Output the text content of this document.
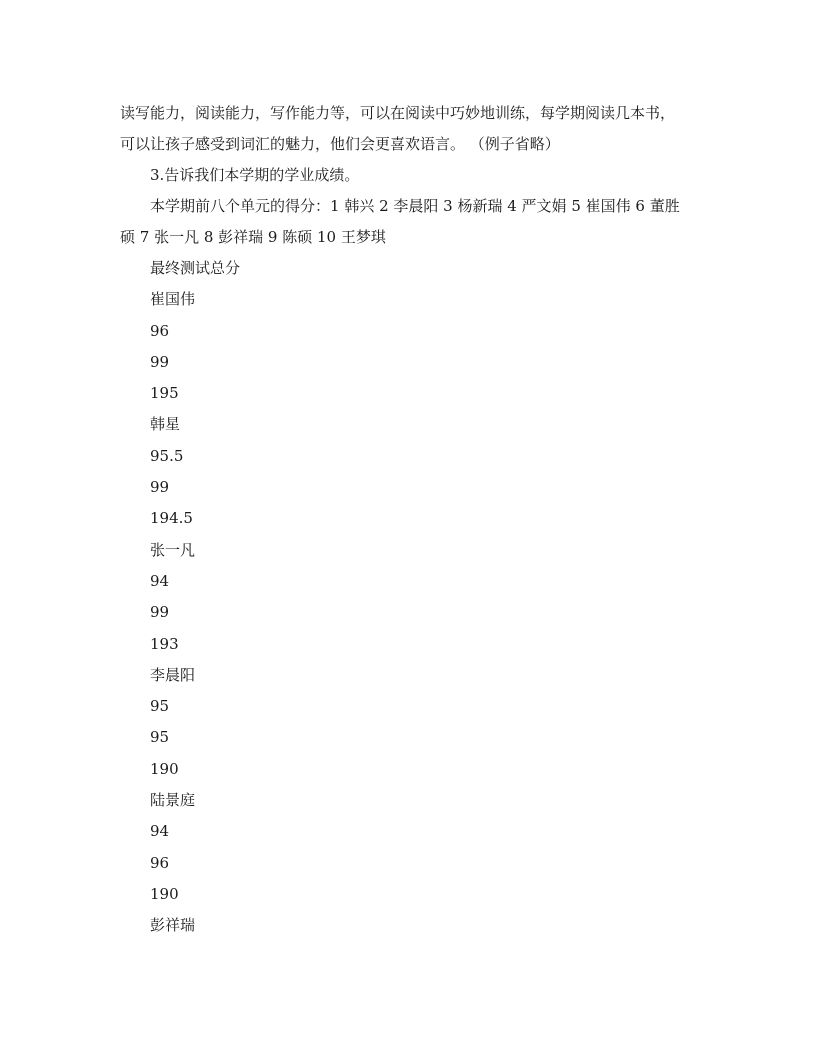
读写能力，阅读能力，写作能力等，可以在阅读中巧妙地训练，每学期阅读几本书，

可以让孩子感受到词汇的魅力，他们会更喜欢语言。 （例子省略）

3.告诉我们本学期的学业成绩。

本学期前八个单元的得分：1 韩兴 2 李晨阳 3 杨新瑞 4 严文娟 5 崔国伟 6 董胜

硕 7 张一凡 8 彭祥瑞 9 陈硕 10 王梦琪

最终测试总分
崔国伟
96
99
195
韩星
95.5
99
194.5
张一凡
94
99
193
李晨阳
95
95
190
陆景庭
94
96
190
彭祥瑞
